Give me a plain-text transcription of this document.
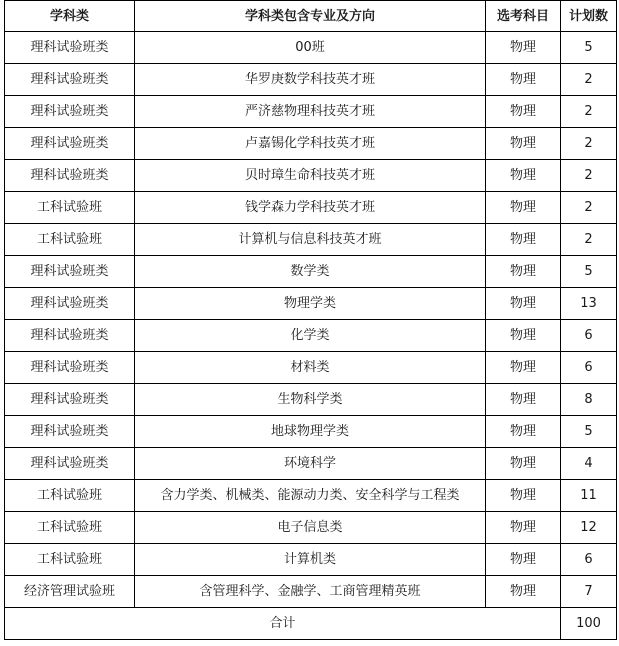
学科类	学科类包含专业及方向	选考科目	计划数
理科试验班类	00班	物理	5
理科试验班类	华罗庚数学科技英才班	物理	2
理科试验班类	严济慈物理科技英才班	物理	2
理科试验班类	卢嘉锡化学科技英才班	物理	2
理科试验班类	贝时璋生命科技英才班	物理	2
工科试验班	钱学森力学科技英才班	物理	2
工科试验班	计算机与信息科技英才班	物理	2
理科试验班类	数学类	物理	5
理科试验班类	物理学类	物理	13
理科试验班类	化学类	物理	6
理科试验班类	材料类	物理	6
理科试验班类	生物科学类	物理	8
理科试验班类	地球物理学类	物理	5
理科试验班类	环境科学	物理	4
工科试验班	含力学类、机械类、能源动力类、安全科学与工程类	物理	11
工科试验班	电子信息类	物理	12
工科试验班	计算机类	物理	6
经济管理试验班	含管理科学、金融学、工商管理精英班	物理	7
合计			100
